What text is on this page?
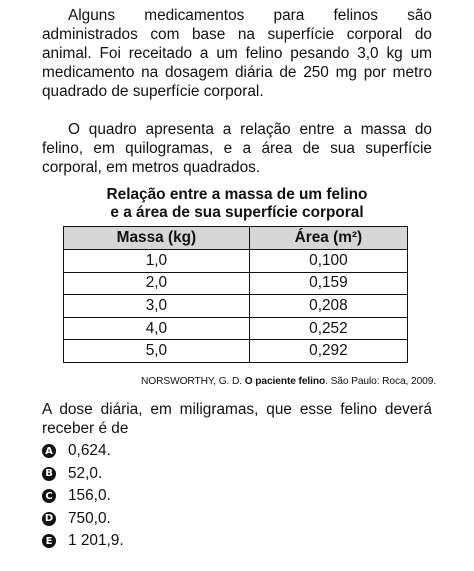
Alguns medicamentos para felinos são administrados com base na superfície corporal do animal. Foi receitado a um felino pesando 3,0 kg um medicamento na dosagem diária de 250 mg por metro quadrado de superfície corporal.

O quadro apresenta a relação entre a massa do felino, em quilogramas, e a área de sua superfície corporal, em metros quadrados.

Relação entre a massa de um felino
e a área de sua superfície corporal
Massa (kg)	Área (m²)
1,0	0,100
2,0	0,159
3,0	0,208
4,0	0,252
5,0	0,292
NORSWORTHY, G. D. O paciente felino. São Paulo: Roca, 2009.

A dose diária, em miligramas, que esse felino deverá receber é de

A 0,624.
B 52,0.
C 156,0.
D 750,0.
E 1 201,9.
